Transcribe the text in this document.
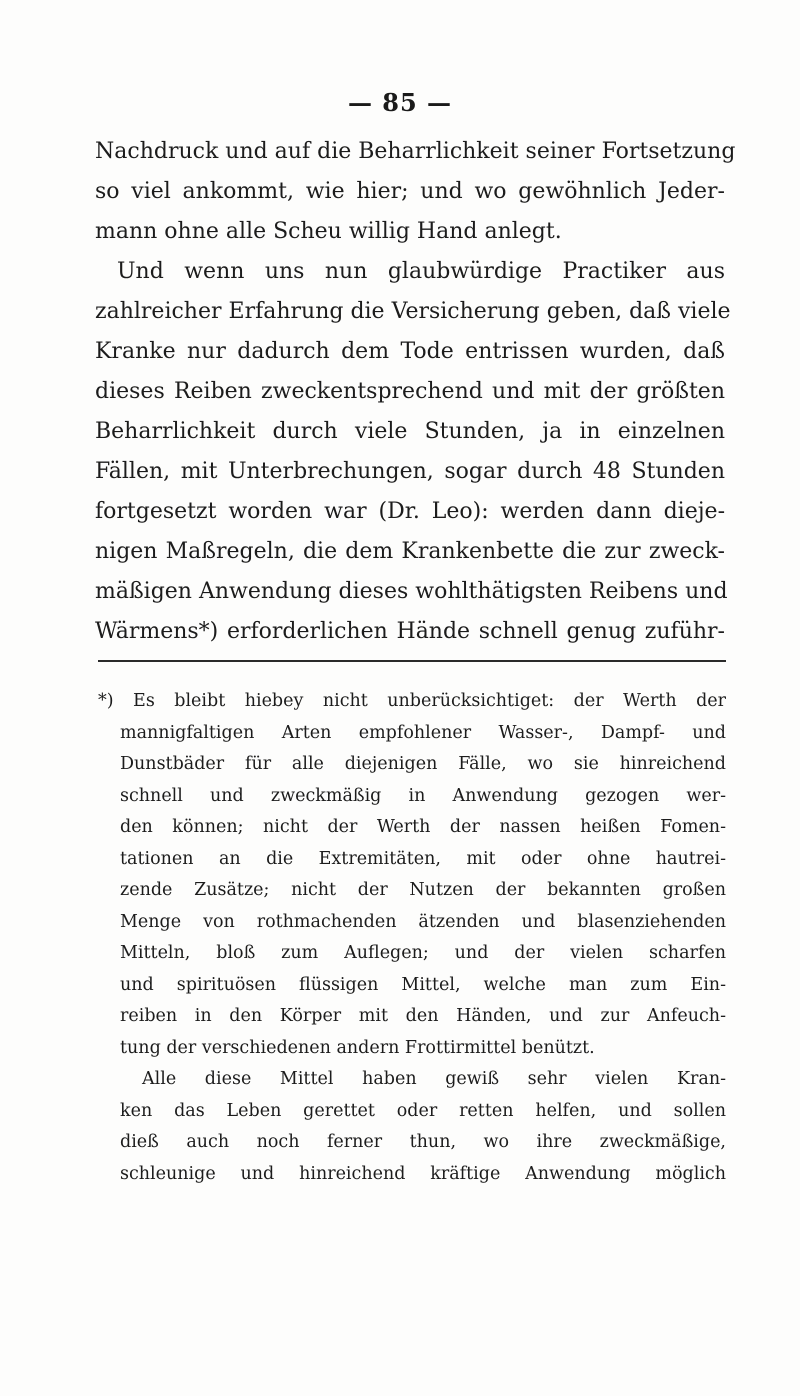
— 85 —
Nachdruck und auf die Beharrlichkeit seiner Fortsetzung
so viel ankommt, wie hier; und wo gewöhnlich Jeder-
mann ohne alle Scheu willig Hand anlegt.
Und wenn uns nun glaubwürdige Practiker aus
zahlreicher Erfahrung die Versicherung geben, daß viele
Kranke nur dadurch dem Tode entrissen wurden, daß
dieses Reiben zweckentsprechend und mit der größten
Beharrlichkeit durch viele Stunden, ja in einzelnen
Fällen, mit Unterbrechungen, sogar durch 48 Stunden
fortgesetzt worden war (Dr. Leo): werden dann dieje-
nigen Maßregeln, die dem Krankenbette die zur zweck-
mäßigen Anwendung dieses wohlthätigsten Reibens und
Wärmens*) erforderlichen Hände schnell genug zuführ-
*) Es bleibt hiebey nicht unberücksichtiget: der Werth der
mannigfaltigen Arten empfohlener Wasser-, Dampf- und
Dunstbäder für alle diejenigen Fälle, wo sie hinreichend
schnell und zweckmäßig in Anwendung gezogen wer-
den können; nicht der Werth der nassen heißen Fomen-
tationen an die Extremitäten, mit oder ohne hautrei-
zende Zusätze; nicht der Nutzen der bekannten großen
Menge von rothmachenden ätzenden und blasenziehenden
Mitteln, bloß zum Auflegen; und der vielen scharfen
und spirituösen flüssigen Mittel, welche man zum Ein-
reiben in den Körper mit den Händen, und zur Anfeuch-
tung der verschiedenen andern Frottirmittel benützt.
Alle diese Mittel haben gewiß sehr vielen Kran-
ken das Leben gerettet oder retten helfen, und sollen
dieß auch noch ferner thun, wo ihre zweckmäßige,
schleunige und hinreichend kräftige Anwendung möglich
